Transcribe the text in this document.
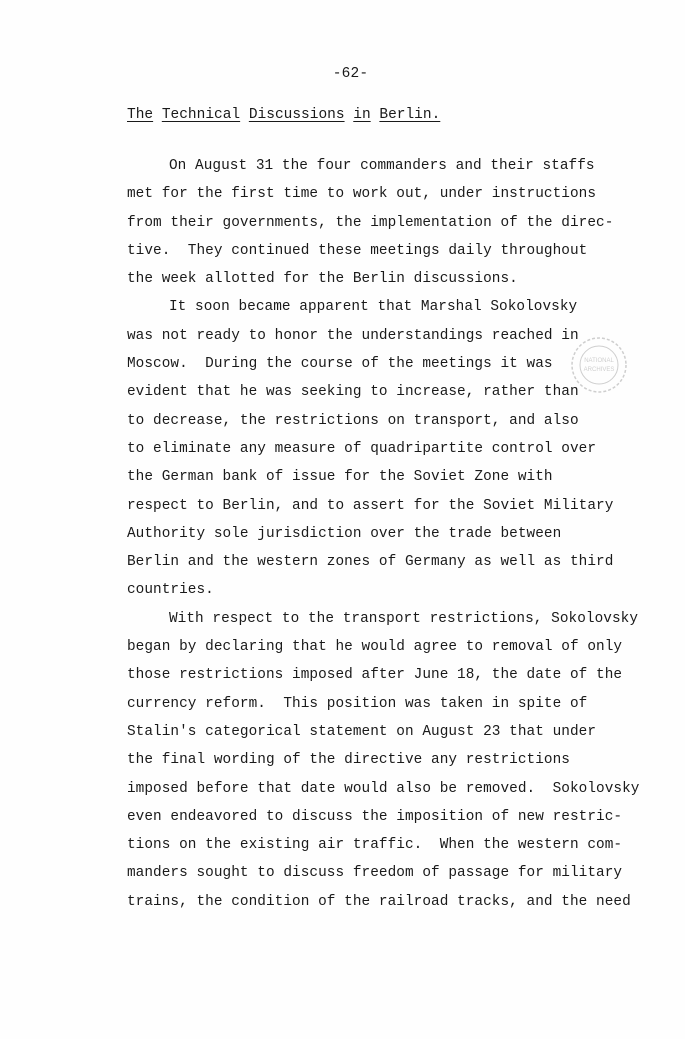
-62-
The Technical Discussions in Berlin.
On August 31 the four commanders and their staffs
met for the first time to work out, under instructions
from their governments, the implementation of the direc-
tive.  They continued these meetings daily throughout
the week allotted for the Berlin discussions.
It soon became apparent that Marshal Sokolovsky
was not ready to honor the understandings reached in
Moscow.  During the course of the meetings it was
evident that he was seeking to increase, rather than
to decrease, the restrictions on transport, and also
to eliminate any measure of quadripartite control over
the German bank of issue for the Soviet Zone with
respect to Berlin, and to assert for the Soviet Military
Authority sole jurisdiction over the trade between
Berlin and the western zones of Germany as well as third
countries.
With respect to the transport restrictions, Sokolovsky
began by declaring that he would agree to removal of only
those restrictions imposed after June 18, the date of the
currency reform.  This position was taken in spite of
Stalin's categorical statement on August 23 that under
the final wording of the directive any restrictions
imposed before that date would also be removed.  Sokolovsky
even endeavored to discuss the imposition of new restric-
tions on the existing air traffic.  When the western com-
manders sought to discuss freedom of passage for military
trains, the condition of the railroad tracks, and the need
NATIONAL
ARCHIVES
